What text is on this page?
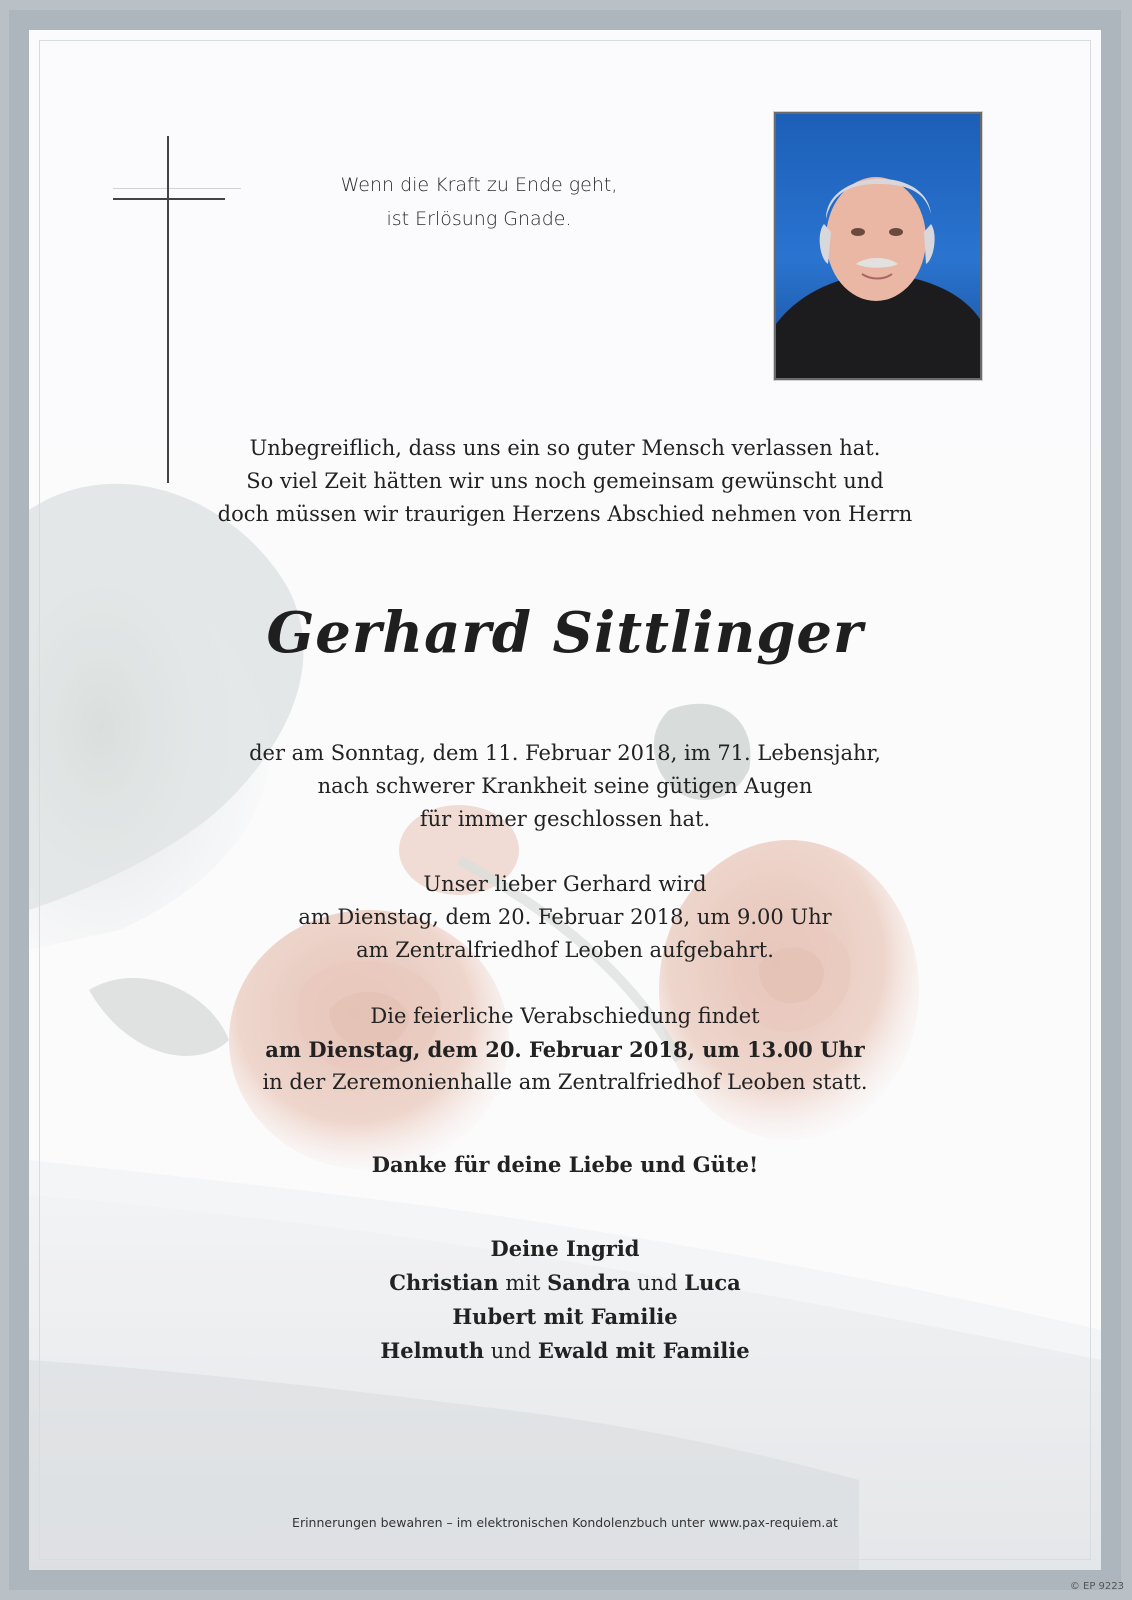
Wenn die Kraft zu Ende geht,
ist Erlösung Gnade.
Unbegreiflich, dass uns ein so guter Mensch verlassen hat.
So viel Zeit hätten wir uns noch gemeinsam gewünscht und
doch müssen wir traurigen Herzens Abschied nehmen von Herrn
Gerhard Sittlinger
der am Sonntag, dem 11. Februar 2018, im 71. Lebensjahr,
nach schwerer Krankheit seine gütigen Augen
für immer geschlossen hat.
Unser lieber Gerhard wird
am Dienstag, dem 20. Februar 2018, um 9.00 Uhr
am Zentralfriedhof Leoben aufgebahrt.
Die feierliche Verabschiedung findet
am Dienstag, dem 20. Februar 2018, um 13.00 Uhr
in der Zeremonienhalle am Zentralfriedhof Leoben statt.
Danke für deine Liebe und Güte!
Deine Ingrid
Christian mit Sandra und Luca
Hubert mit Familie
Helmuth und Ewald mit Familie
Erinnerungen bewahren – im elektronischen Kondolenzbuch unter www.pax-requiem.at
© EP 9223
